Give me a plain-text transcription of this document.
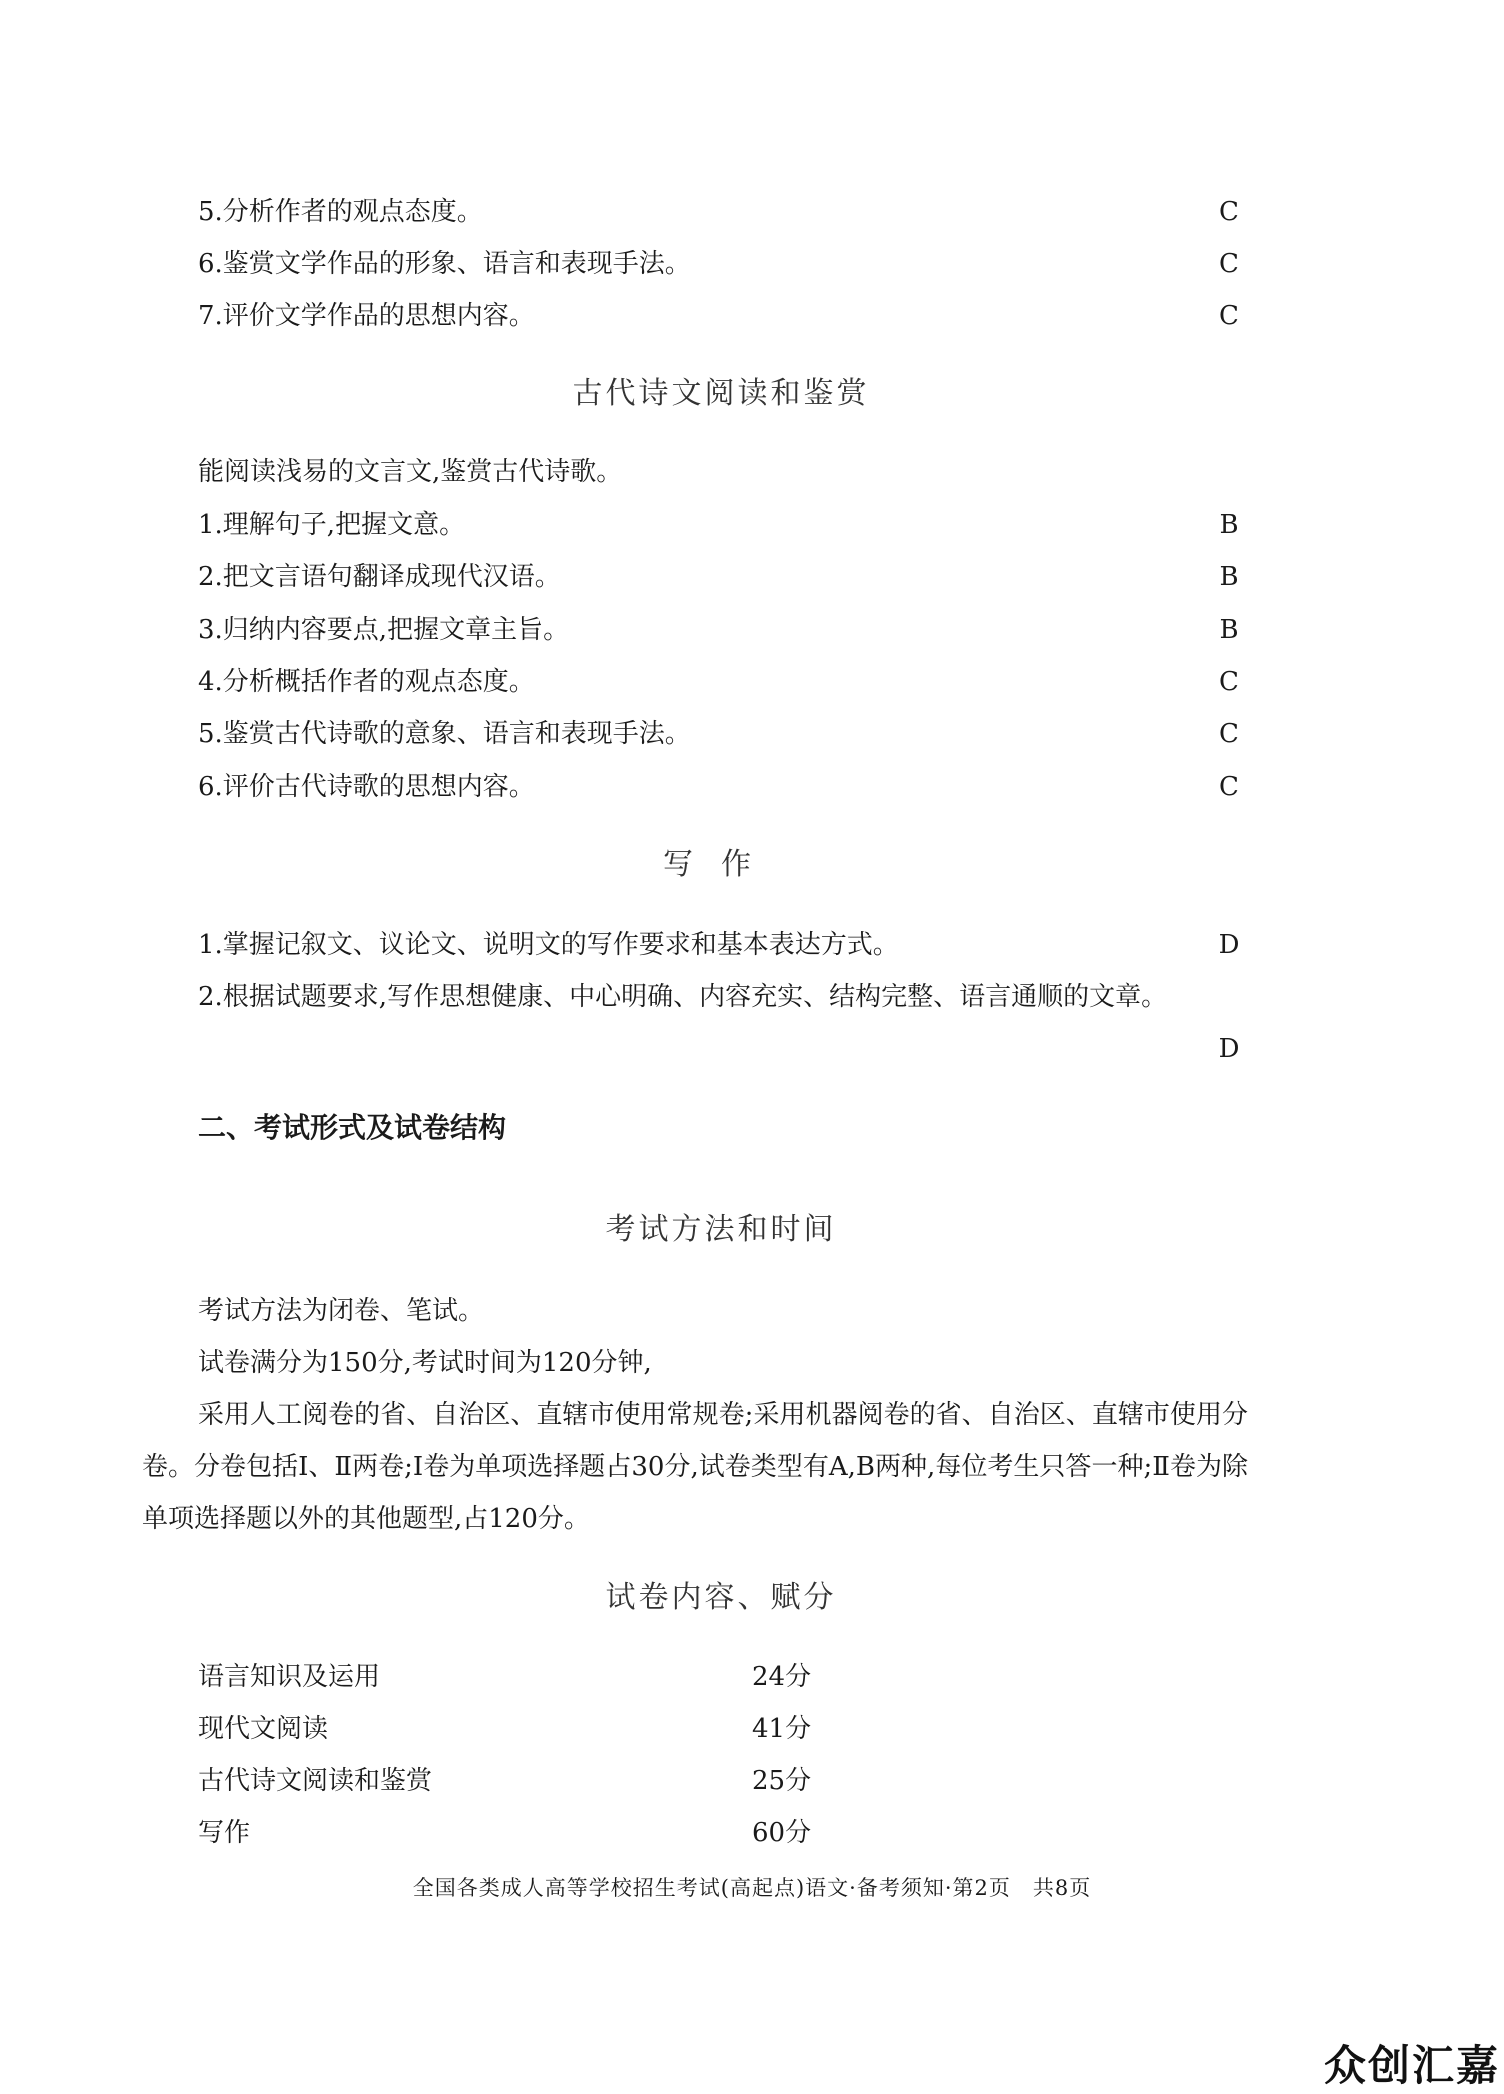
5.分析作者的观点态度。	C
6.鉴赏文学作品的形象、语言和表现手法。	C
7.评价文学作品的思想内容。	C
古代诗文阅读和鉴赏
能阅读浅易的文言文,鉴赏古代诗歌。
1.理解句子,把握文意。	B
2.把文言语句翻译成现代汉语。	B
3.归纳内容要点,把握文章主旨。	B
4.分析概括作者的观点态度。	C
5.鉴赏古代诗歌的意象、语言和表现手法。	C
6.评价古代诗歌的思想内容。	C
写作
1.掌握记叙文、议论文、说明文的写作要求和基本表达方式。	D
2.根据试题要求,写作思想健康、中心明确、内容充实、结构完整、语言通顺的文章。
D
二、考试形式及试卷结构
考试方法和时间
考试方法为闭卷、笔试。
试卷满分为150分,考试时间为120分钟,
采用人工阅卷的省、自治区、直辖市使用常规卷;采用机器阅卷的省、自治区、直辖市使用分卷。分卷包括Ⅰ、Ⅱ两卷;I卷为单项选择题占30分,试卷类型有A,B两种,每位考生只答一种;Ⅱ卷为除单项选择题以外的其他题型,占120分。
试卷内容、赋分
语言知识及运用	24分
现代文阅读	41分
古代诗文阅读和鉴赏	25分
写作	60分
全国各类成人高等学校招生考试(高起点)语文·备考须知·第2页　共8页
众创汇嘉
